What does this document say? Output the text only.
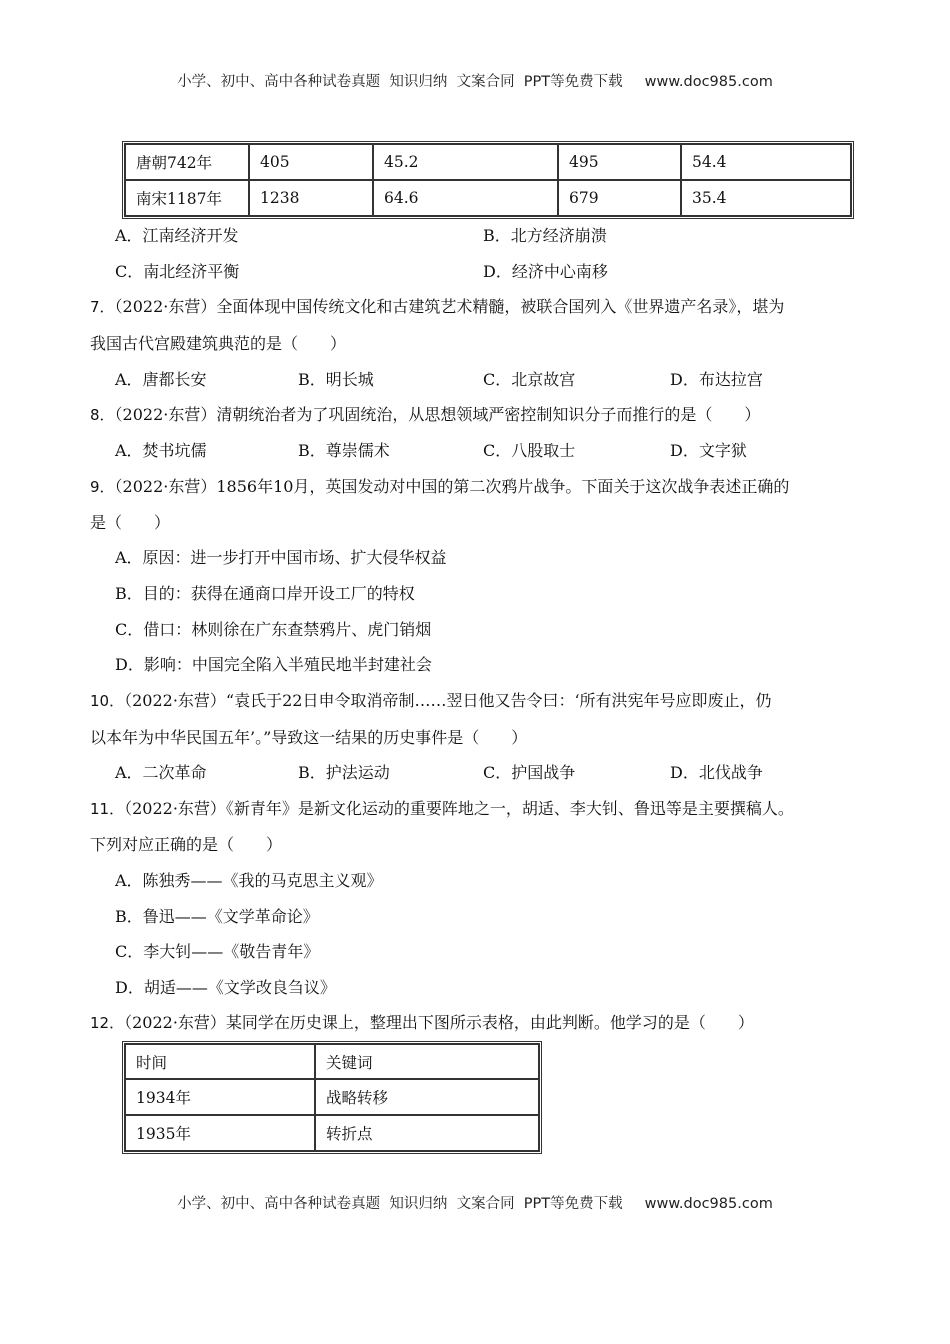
小学、初中、高中各种试卷真题  知识归纳  文案合同  PPT等免费下载 www.doc985.com
唐朝742年	405	45.2	495	54.4
南宋1187年	1238	64.6	679	35.4
A．江南经济开发	B．北方经济崩溃
C．南北经济平衡	D．经济中心南移
7．（2022·东营）全面体现中国传统文化和古建筑艺术精髓，被联合国列入《世界遗产名录》，堪为
我国古代宫殿建筑典范的是（　　）
A．唐都长安	B．明长城	C．北京故宫	D．布达拉宫
8．（2022·东营）清朝统治者为了巩固统治，从思想领域严密控制知识分子而推行的是（　　）
A．焚书坑儒	B．尊崇儒术	C．八股取士	D．文字狱
9．（2022·东营）1856年10月，英国发动对中国的第二次鸦片战争。下面关于这次战争表述正确的
是（　　）
A．原因：进一步打开中国市场、扩大侵华权益
B．目的：获得在通商口岸开设工厂的特权
C．借口：林则徐在广东查禁鸦片、虎门销烟
D．影响：中国完全陷入半殖民地半封建社会
10．（2022·东营）“袁氏于22日申令取消帝制……翌日他又告令曰：‘所有洪宪年号应即废止，仍
以本年为中华民国五年’。”导致这一结果的历史事件是（　　）
A．二次革命	B．护法运动	C．护国战争	D．北伐战争
11．（2022·东营）《新青年》是新文化运动的重要阵地之一，胡适、李大钊、鲁迅等是主要撰稿人。
下列对应正确的是（　　）
A．陈独秀——《我的马克思主义观》
B．鲁迅——《文学革命论》
C．李大钊——《敬告青年》
D．胡适——《文学改良刍议》
12．（2022·东营）某同学在历史课上，整理出下图所示表格，由此判断。他学习的是（　　）
时间	关键词
1934年	战略转移
1935年	转折点
小学、初中、高中各种试卷真题  知识归纳  文案合同  PPT等免费下载 www.doc985.com
